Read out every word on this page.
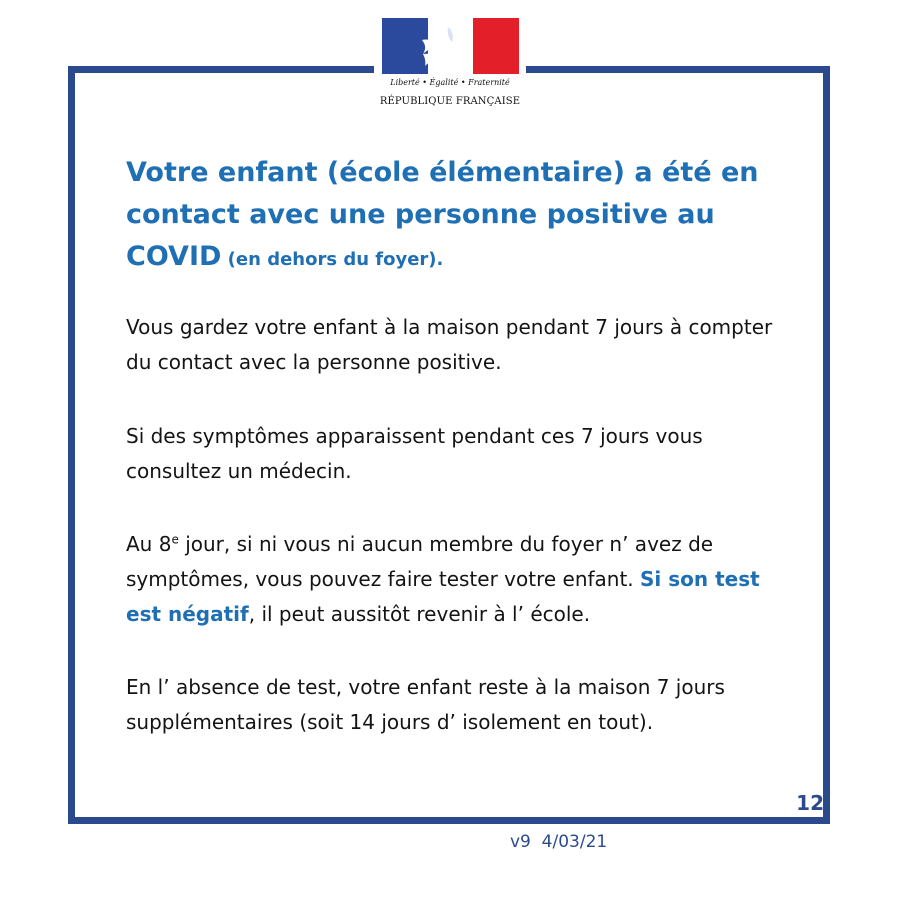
Liberté • Égalité • Fraternité
RÉPUBLIQUE FRANÇAISE
Votre enfant (école élémentaire) a été en contact avec une personne positive au COVID (en dehors du foyer).

Vous gardez votre enfant à la maison pendant 7 jours à compter du contact avec la personne positive.

Si des symptômes apparaissent pendant ces 7 jours vous consultez un médecin.

Au 8e jour, si ni vous ni aucun membre du foyer n’ avez de symptômes, vous pouvez faire tester votre enfant. Si son test est négatif, il peut aussitôt revenir à l’ école.

En l’ absence de test, votre enfant reste à la maison 7 jours supplémentaires (soit 14 jours d’ isolement en tout).

12
v9  4/03/21
